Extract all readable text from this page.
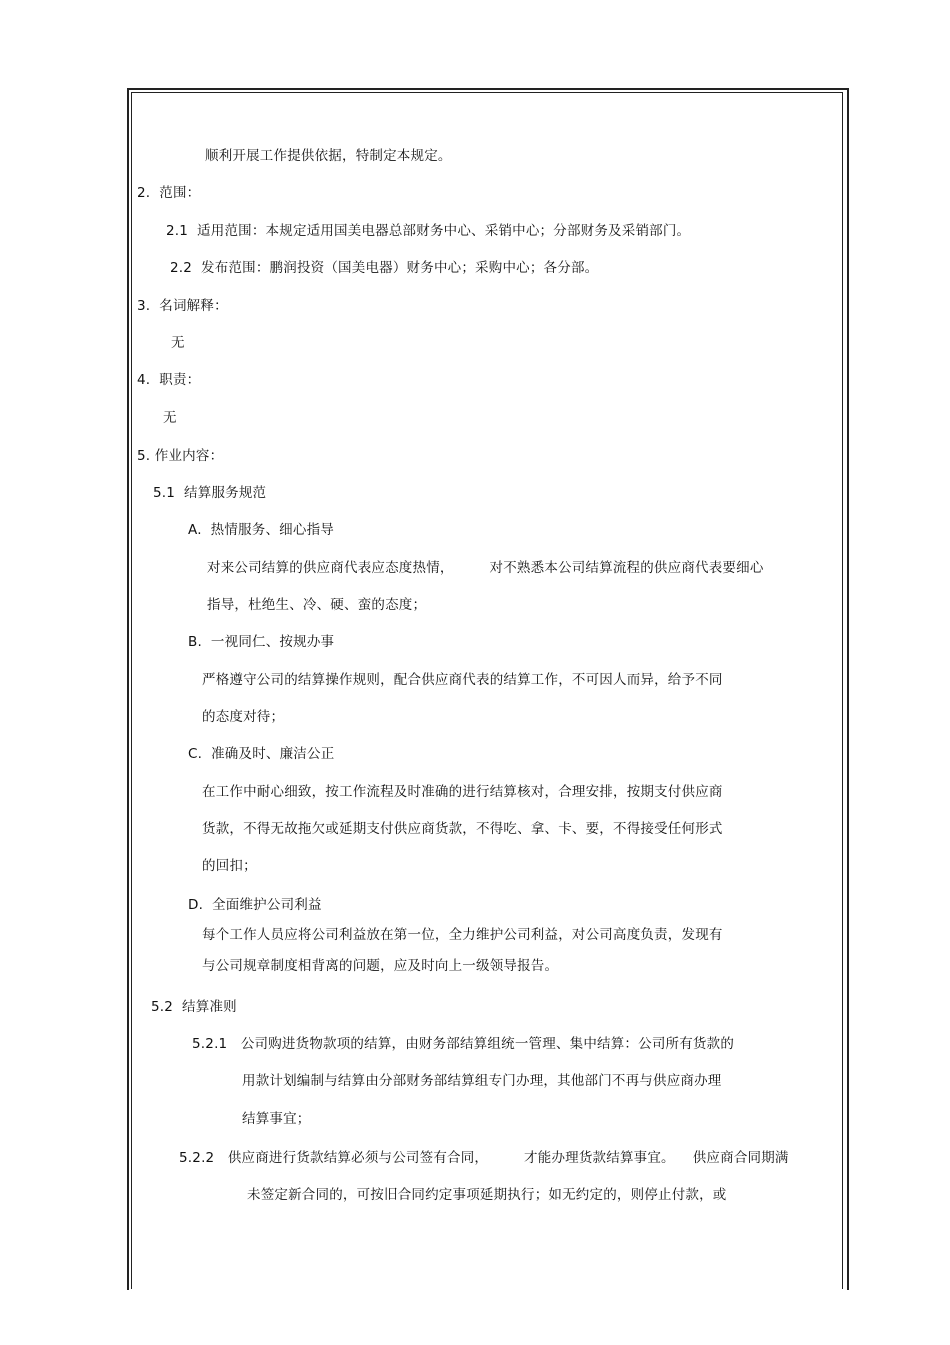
顺利开展工作提供依据，特制定本规定。
2.  范围：
2.1  适用范围：本规定适用国美电器总部财务中心、采销中心；分部财务及采销部门。
2.2  发布范围：鹏润投资（国美电器）财务中心；采购中心；各分部。
3.  名词解释：
无
4.  职责：
无
5. 作业内容：
5.1  结算服务规范
A.  热情服务、细心指导
对来公司结算的供应商代表应态度热情，        对不熟悉本公司结算流程的供应商代表要细心
指导，杜绝生、冷、硬、蛮的态度；
B.  一视同仁、按规办事
严格遵守公司的结算操作规则，配合供应商代表的结算工作，不可因人而异，给予不同
的态度对待；
C.  准确及时、廉洁公正
在工作中耐心细致，按工作流程及时准确的进行结算核对，合理安排，按期支付供应商
货款，不得无故拖欠或延期支付供应商货款，不得吃、拿、卡、要，不得接受任何形式
的回扣；
D.  全面维护公司利益
每个工作人员应将公司利益放在第一位，全力维护公司利益，对公司高度负责，发现有
与公司规章制度相背离的问题，应及时向上一级领导报告。
5.2  结算准则
5.2.1   公司购进货物款项的结算，由财务部结算组统一管理、集中结算：公司所有货款的
用款计划编制与结算由分部财务部结算组专门办理，其他部门不再与供应商办理
结算事宜；
5.2.2   供应商进行货款结算必须与公司签有合同，        才能办理货款结算事宜。    供应商合同期满
未签定新合同的，可按旧合同约定事项延期执行；如无约定的，则停止付款，或
